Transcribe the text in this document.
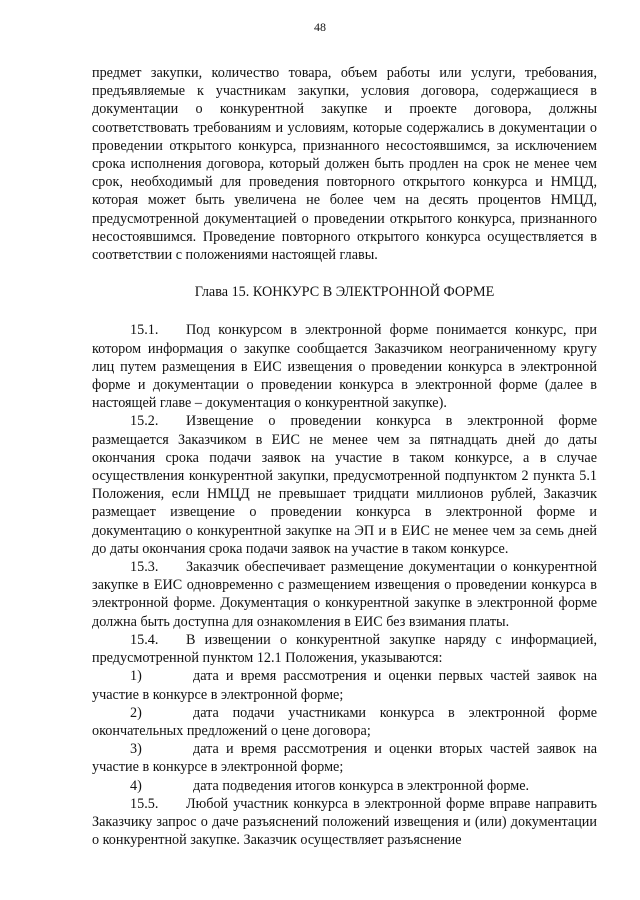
48

предмет закупки, количество товара, объем работы или услуги, требования, предъявляемые к участникам закупки, условия договора, содержащиеся в документации о конкурентной закупке и проекте договора, должны соответствовать требованиям и условиям, которые содержались в документации о проведении открытого конкурса, признанного несостоявшимся, за исключением срока исполнения договора, который должен быть продлен на срок не менее чем срок, необходимый для проведения повторного открытого конкурса и НМЦД, которая может быть увеличена не более чем на десять процентов НМЦД, предусмотренной документацией о проведении открытого конкурса, признанного несостоявшимся. Проведение повторного открытого конкурса осуществляется в соответствии с положениями настоящей главы.

Глава 15. КОНКУРС В ЭЛЕКТРОННОЙ ФОРМЕ

15.1. Под конкурсом в электронной форме понимается конкурс, при котором информация о закупке сообщается Заказчиком неограниченному кругу лиц путем размещения в ЕИС извещения о проведении конкурса в электронной форме и документации о проведении конкурса в электронной форме (далее в настоящей главе – документация о конкурентной закупке).

15.2. Извещение о проведении конкурса в электронной форме размещается Заказчиком в ЕИС не менее чем за пятнадцать дней до даты окончания срока подачи заявок на участие в таком конкурсе, а в случае осуществления конкурентной закупки, предусмотренной подпунктом 2 пункта 5.1 Положения, если НМЦД не превышает тридцати миллионов рублей, Заказчик размещает извещение о проведении конкурса в электронной форме и документацию о конкурентной закупке на ЭП и в ЕИС не менее чем за семь дней до даты окончания срока подачи заявок на участие в таком конкурсе.

15.3. Заказчик обеспечивает размещение документации о конкурентной закупке в ЕИС одновременно с размещением извещения о проведении конкурса в электронной форме. Документация о конкурентной закупке в электронной форме должна быть доступна для ознакомления в ЕИС без взимания платы.

15.4. В извещении о конкурентной закупке наряду с информацией, предусмотренной пунктом 12.1 Положения, указываются:

1)	дата и время рассмотрения и оценки первых частей заявок на участие в конкурсе в электронной форме;

2)	дата подачи участниками конкурса в электронной форме окончательных предложений о цене договора;

3)	дата и время рассмотрения и оценки вторых частей заявок на участие в конкурсе в электронной форме;

4)	дата подведения итогов конкурса в электронной форме.

15.5. Любой участник конкурса в электронной форме вправе направить Заказчику запрос о даче разъяснений положений извещения и (или) документации о конкурентной закупке. Заказчик осуществляет разъяснение
